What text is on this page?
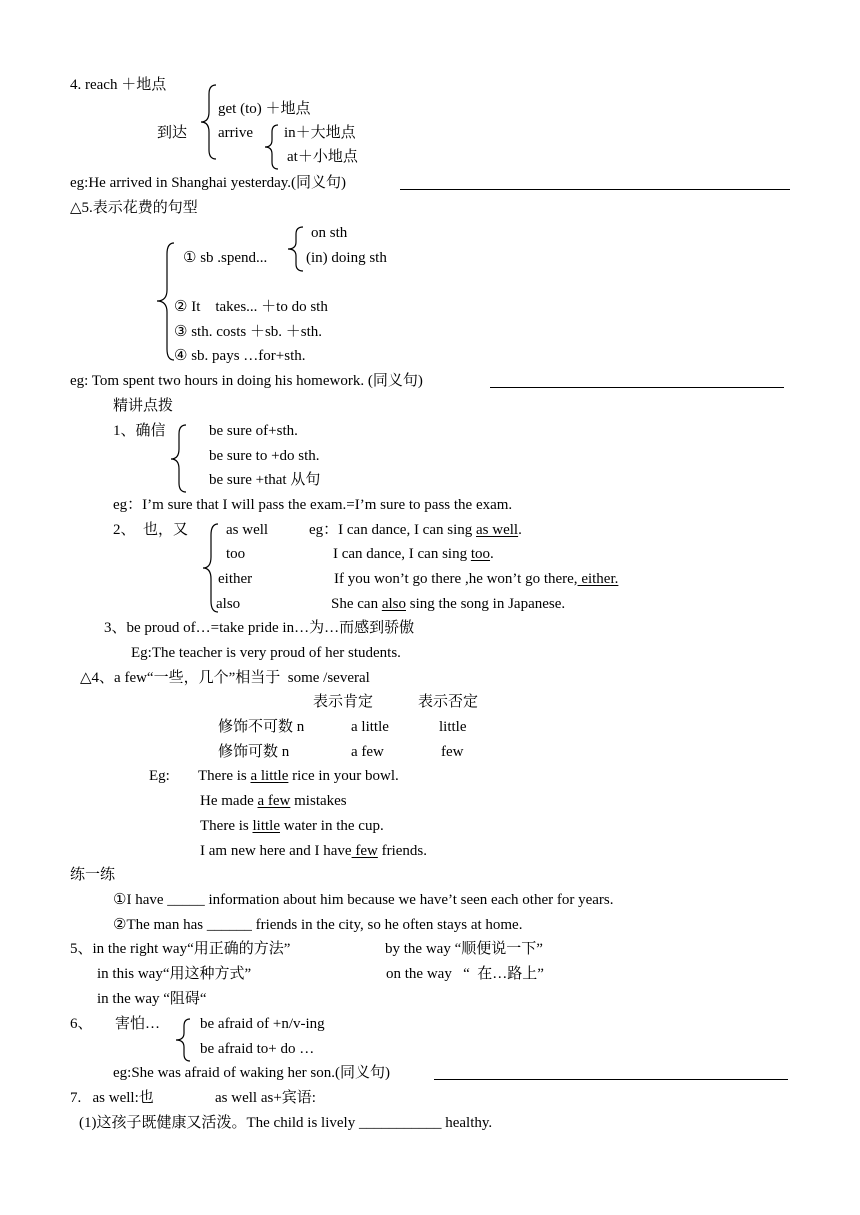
4. reach ＋地点
到达
get (to) ＋地点
arrive in＋大地点
at＋小地点
eg:He arrived in Shanghai yesterday.(同义句)
△5.表示花费的句型
on sth
① sb .spend...	(in) doing sth
② It    takes... ＋to do sth
③ sth. costs ＋sb. ＋sth.
④ sb. pays …for+sth.
eg: Tom spent two hours in doing his homework. (同义句)
精讲点拨
1、确信	be sure of+sth.
be sure to +do sth.
be sure +that 从句
eg：I’m sure that I will pass the exam.=I’m sure to pass the exam.
2、  也，又	as well	eg：I can dance, I can sing as well.
too	I can dance, I can sing too.
either	If you won’t go there ,he won’t go there, either.
also	She can also sing the song in Japanese.
3、be proud of…=take pride in…为…而感到骄傲
Eg:The teacher is very proud of her students.
△4、a few“一些，几个”相当于  some /several
表示肯定	表示否定
修饰不可数 n	a little	little
修饰可数 n	a few	few
Eg: There is a little rice in your bowl.
He made a few mistakes
There is little water in the cup.
I am new here and I have few friends.
练一练
①I have _____ information about him because we have’t seen each other for years.
②The man has ______ friends in the city, so he often stays at home.
5、in the right way“用正确的方法”	by the way “顺便说一下”
in this way“用这种方式”	on the way   “  在…路上”
in the way “阻碍“
6、      害怕…	be afraid of +n/v-ing
be afraid to+ do …
eg:She was afraid of waking her son.(同义句)
7.   as well:也	as well as+宾语:
(1)这孩子既健康又活泼。The child is lively ___________ healthy.
